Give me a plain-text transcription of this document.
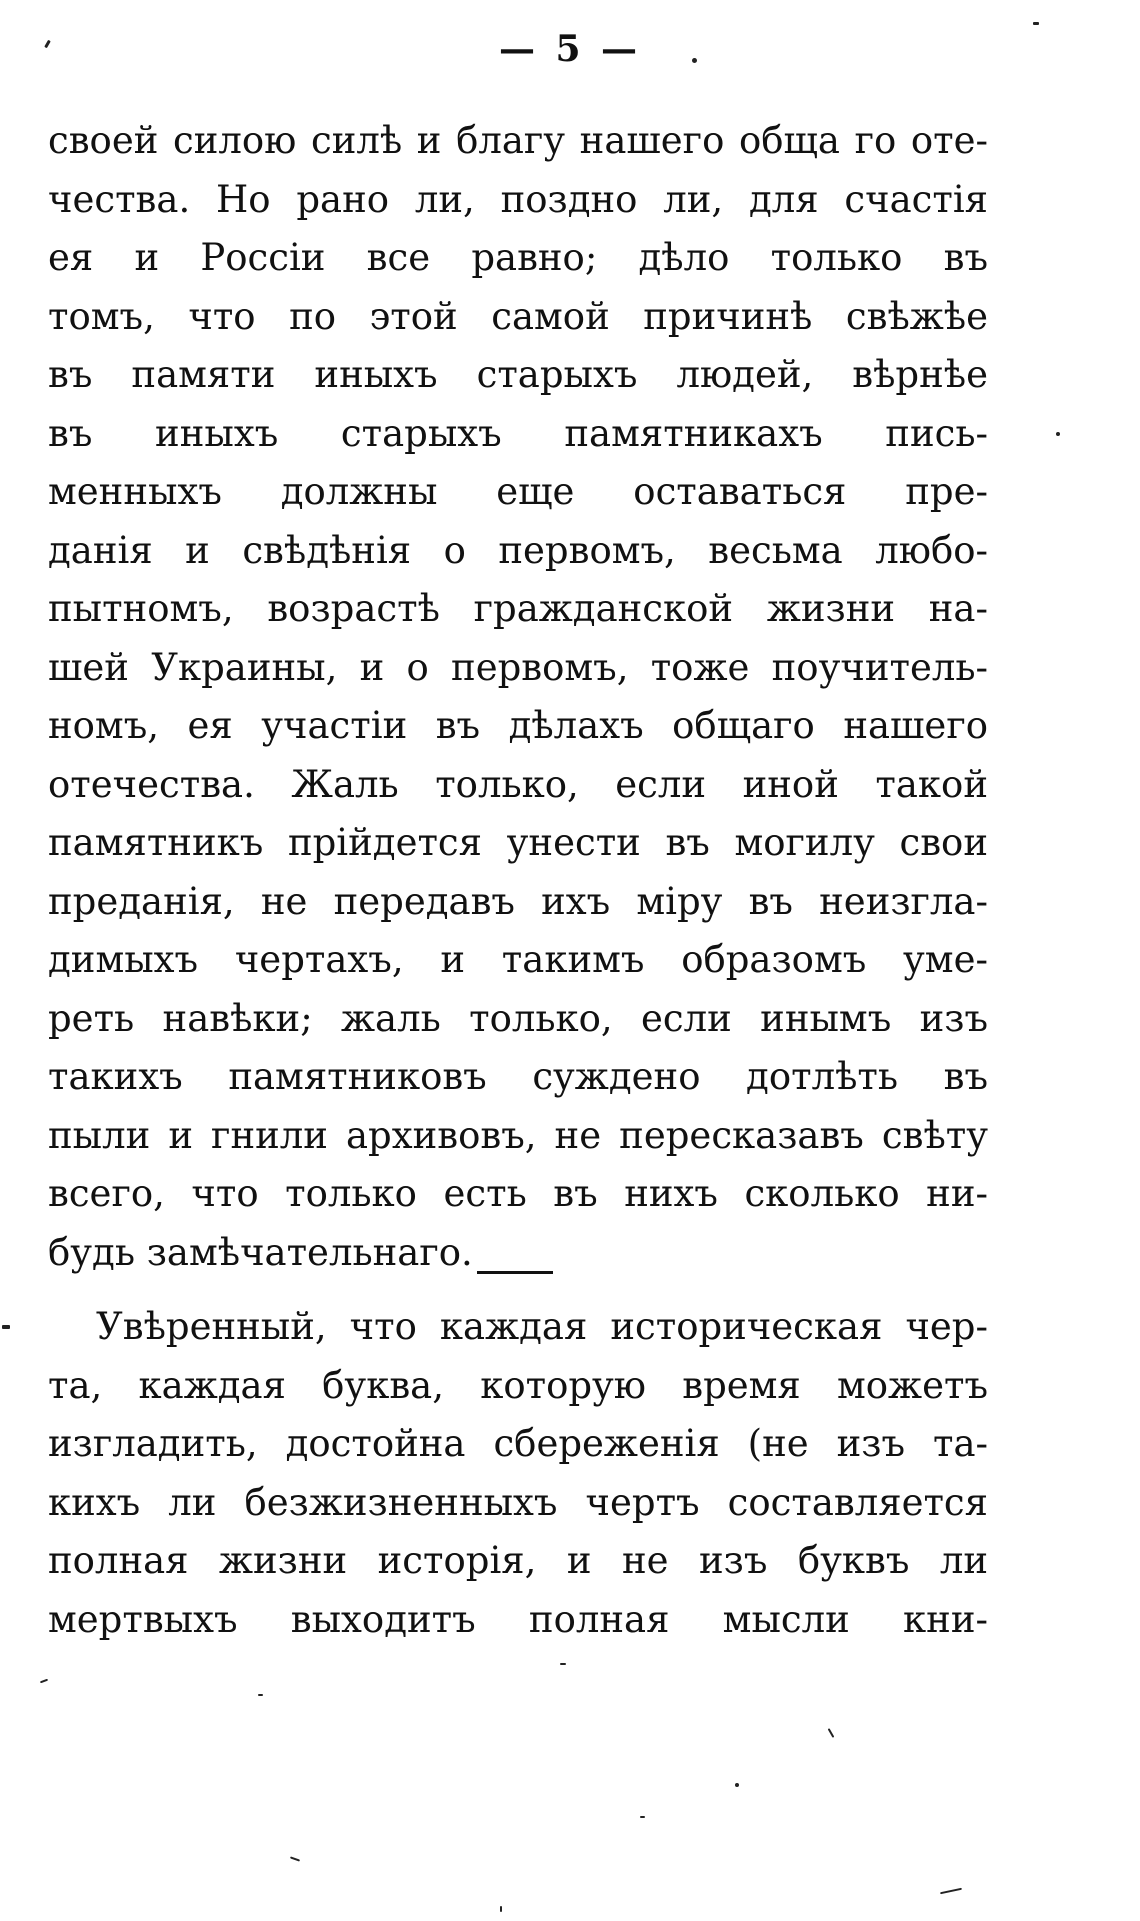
— 5 —
своей силою силѣ и благу нашего обща го оте-
чества. Но рано ли, поздно ли, для счастія
ея и Россіи все равно; дѣло только въ
томъ, что по этой самой причинѣ свѣжѣе
въ памяти иныхъ старыхъ людей, вѣрнѣе
въ иныхъ старыхъ памятникахъ пись-
менныхъ должны еще оставаться пре-
данія и свѣдѣнія о первомъ, весьма любо-
пытномъ, возрастѣ гражданской жизни на-
шей Украины, и о первомъ, тоже поучитель-
номъ, ея участіи въ дѣлахъ общаго нашего
отечества. Жаль только, если иной такой
памятникъ прійдется унести въ могилу свои
преданія, не передавъ ихъ міру въ неизгла-
димыхъ чертахъ, и такимъ образомъ уме-
реть навѣки; жаль только, если инымъ изъ
такихъ памятниковъ суждено дотлѣть въ
пыли и гнили архивовъ, не пересказавъ свѣту
всего, что только есть въ нихъ сколько ни-
будь замѣчательнаго.
Увѣренный, что каждая историческая чер-
та, каждая буква, которую время можетъ
изгладить, достойна сбереженія (не изъ та-
кихъ ли безжизненныхъ чертъ составляется
полная жизни исторія, и не изъ буквъ ли
мертвыхъ выходитъ полная мысли кни-
